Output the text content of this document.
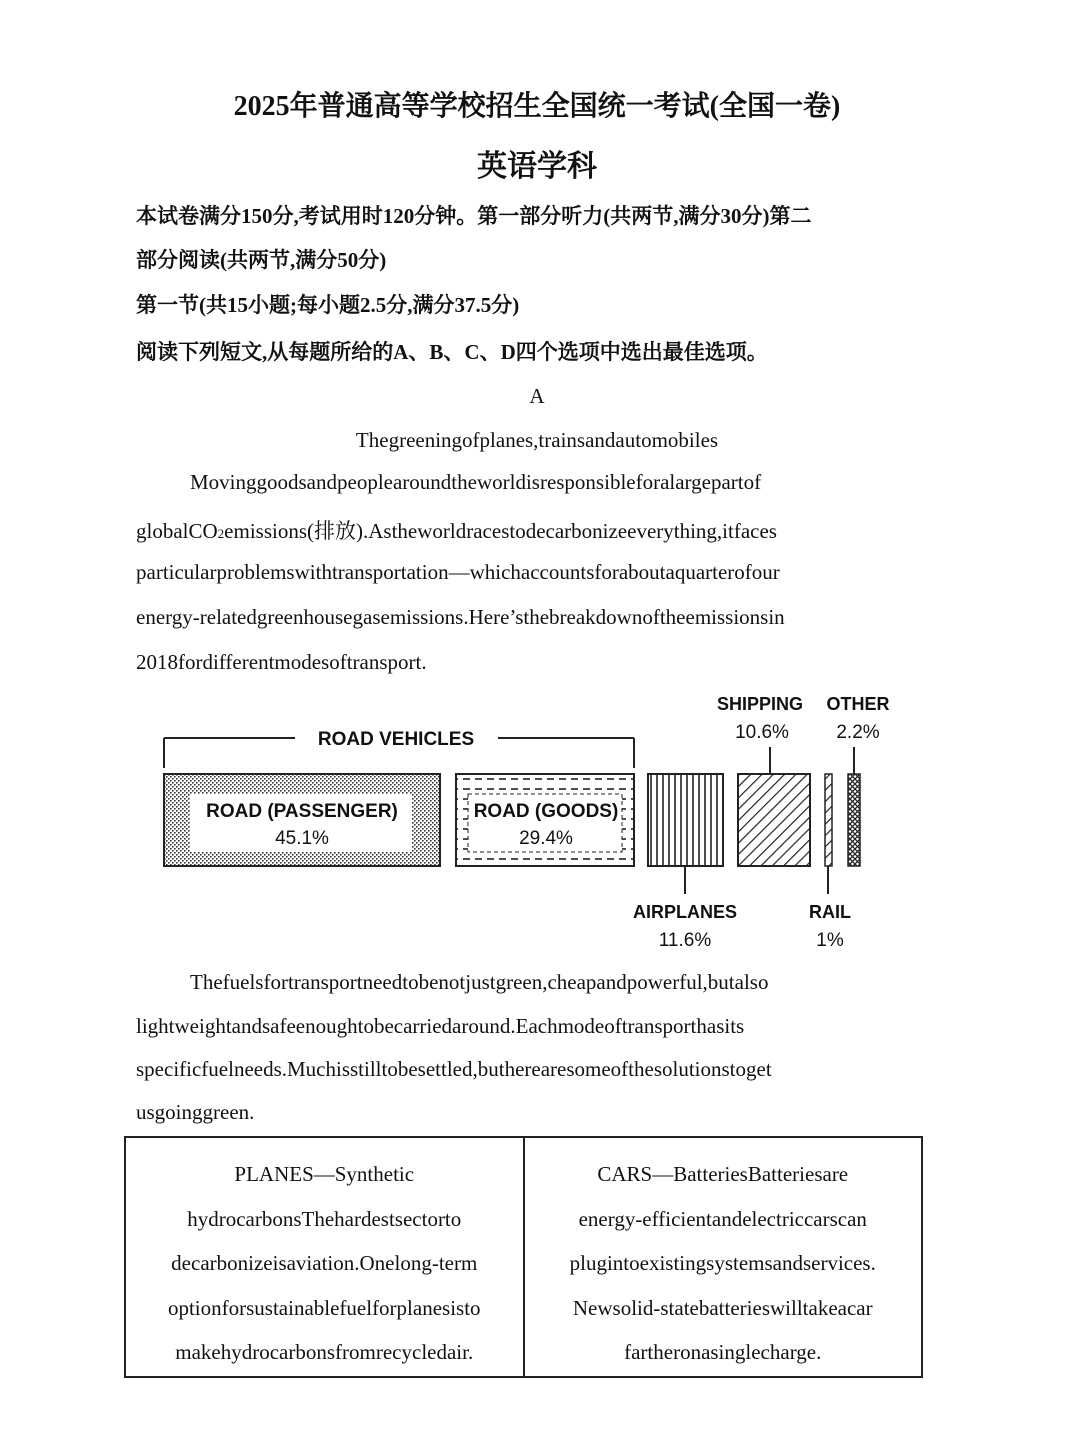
2025年普通高等学校招生全国统一考试(全国一卷)
英语学科
本试卷满分150分,考试用时120分钟。第一部分听力(共两节,满分30分)第二
部分阅读(共两节,满分50分)
第一节(共15小题;每小题2.5分,满分37.5分)
阅读下列短文,从每题所给的A、B、C、D四个选项中选出最佳选项。
A
Thegreeningofplanes,trainsandautomobiles
Movinggoodsandpeoplearoundtheworldisresponsibleforalargepartof
globalCO2emissions(排放).Astheworldracestodecarbonizeeverything,itfaces
particularproblemswithtransportation—whichaccountsforaboutaquarterofour
energy-relatedgreenhousegasemissions.Here’sthebreakdownoftheemissionsin
2018fordifferentmodesoftransport.
ROAD VEHICLES
ROAD (PASSENGER)
45.1%
ROAD (GOODS)
29.4%
AIRPLANES
11.6%
SHIPPING
10.6%
RAIL
1%
OTHER
2.2%
Thefuelsfortransportneedtobenotjustgreen,cheapandpowerful,butalso
lightweightandsafeenoughtobecarriedaround.Eachmodeoftransporthasits
specificfuelneeds.Muchisstilltobesettled,butherearesomeofthesolutionstoget
usgoinggreen.
PLANES—Synthetic
hydrocarbonsThehardestsectorto
decarbonizeisaviation.Onelong-term
optionforsustainablefuelforplanesisto
makehydrocarbonsfromrecycledair.
CARS—BatteriesBatteriesare
energy-efficientandelectriccarscan
plugintoexistingsystemsandservices.
Newsolid-statebatterieswilltakeacar
fartheronasinglecharge.
